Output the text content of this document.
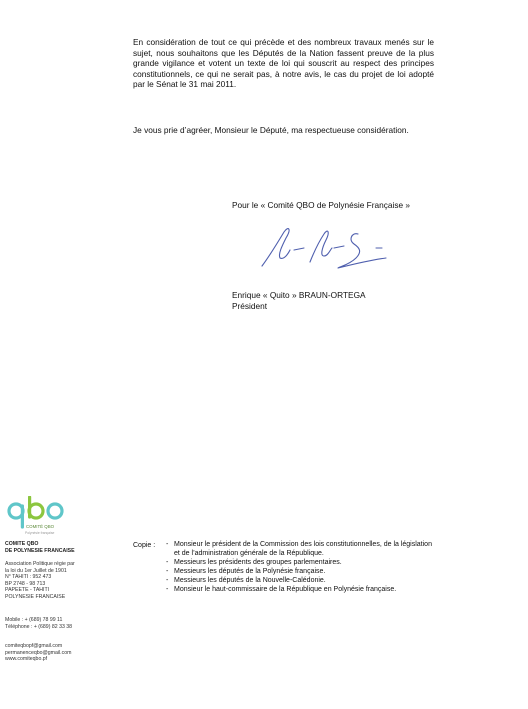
En considération de tout ce qui précède et des nombreux travaux menés sur le sujet, nous souhaitons que les Députés de la Nation fassent preuve de la plus grande vigilance et votent un texte de loi qui souscrit au respect des principes constitutionnels, ce qui ne serait pas, à notre avis, le cas du projet de loi adopté par le Sénat le 31 mai 2011.

Je vous prie d’agréer, Monsieur le Député, ma respectueuse considération.

Pour le « Comité QBO de Polynésie Française »
Enrique « Quito » BRAUN-ORTEGA
Président
COMITÉ QBO
Polynésie française
COMITE QBO
DE POLYNESIE FRANCAISE
Association Politique régie par
la loi du 1er Juillet de 1901
N° TAHITI : 952 473
BP 2748 - 98 713
PAPEETE - TAHITI
POLYNESIE FRANCAISE
Mobile : + (689) 78 99 11
Téléphone : + (689) 82 33 38
comiteqbopf@gmail.com
permanenceqbo@gmail.com
www.comiteqbo.pf
Copie :
-	Monsieur le président de la Commission des lois constitutionnelles, de la législation et de l’administration générale de la République.
- Messieurs les présidents des groupes parlementaires.
- Messieurs les députés de la Polynésie française.
- Messieurs les députés de la Nouvelle-Calédonie.
- Monsieur le haut-commissaire de la République en Polynésie française.
